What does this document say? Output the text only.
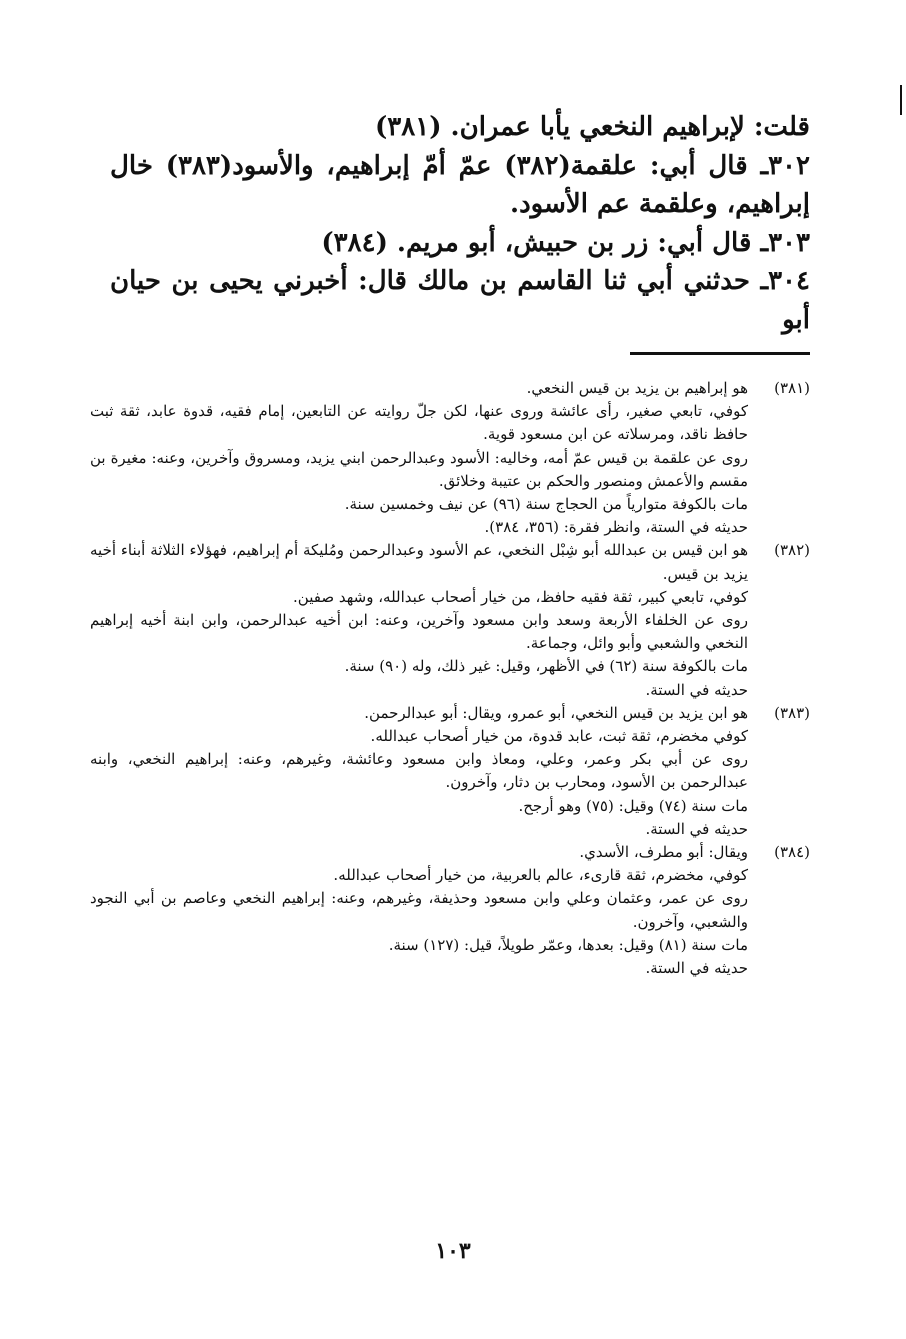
قلت: لإبراهيم النخعي يأبا عمران. (٣٨١)

٣٠٢ـ قال أبي: علقمة(٣٨٢) عمّ أمّ إبراهيم، والأسود(٣٨٣) خال إبراهيم، وعلقمة عم الأسود.

٣٠٣ـ قال أبي: زر بن حبيش، أبو مريم. (٣٨٤)

٣٠٤ـ حدثني أبي ثنا القاسم بن مالك قال: أخبرني يحيى بن حيان أبو

(٣٨١)

هو إبراهيم بن يزيد بن قيس النخعي.

كوفي، تابعي صغير، رأى عائشة وروى عنها، لكن جلّ روايته عن التابعين، إمام فقيه، قدوة عابد، ثقة ثبت حافظ ناقد، ومرسلاته عن ابن مسعود قوية.

روى عن علقمة بن قيس عمّ أمه، وخاليه: الأسود وعبدالرحمن ابني يزيد، ومسروق وآخرين، وعنه: مغيرة بن مقسم والأعمش ومنصور والحكم بن عتيبة وخلائق.

مات بالكوفة متوارياً من الحجاج سنة (٩٦) عن نيف وخمسين سنة.

حديثه في الستة، وانظر فقرة: (٣٥٦، ٣٨٤).

(٣٨٢)

هو ابن قيس بن عبدالله أبو شِبْل النخعي، عم الأسود وعبدالرحمن ومُليكة أم إبراهيم، فهؤلاء الثلاثة أبناء أخيه يزيد بن قيس.

كوفي، تابعي كبير، ثقة فقيه حافظ، من خيار أصحاب عبدالله، وشهد صفين.

روى عن الخلفاء الأربعة وسعد وابن مسعود وآخرين، وعنه: ابن أخيه عبدالرحمن، وابن ابنة أخيه إبراهيم النخعي والشعبي وأبو وائل، وجماعة.

مات بالكوفة سنة (٦٢) في الأظهر، وقيل: غير ذلك، وله (٩٠) سنة.

حديثه في الستة.

(٣٨٣)

هو ابن يزيد بن قيس النخعي، أبو عمرو، ويقال: أبو عبدالرحمن.

كوفي مخضرم، ثقة ثبت، عابد قدوة، من خيار أصحاب عبدالله.

روى عن أبي بكر وعمر، وعلي، ومعاذ وابن مسعود وعائشة، وغيرهم، وعنه: إبراهيم النخعي، وابنه عبدالرحمن بن الأسود، ومحارب بن دثار، وآخرون.

مات سنة (٧٤) وقيل: (٧٥) وهو أرجح.

حديثه في الستة.

(٣٨٤)

ويقال: أبو مطرف، الأسدي.

كوفي، مخضرم، ثقة قارىء، عالم بالعربية، من خيار أصحاب عبدالله.

روى عن عمر، وعثمان وعلي وابن مسعود وحذيفة، وغيرهم، وعنه: إبراهيم النخعي وعاصم بن أبي النجود والشعبي، وآخرون.

مات سنة (٨١) وقيل: بعدها، وعمّر طويلاً، قيل: (١٢٧) سنة.

حديثه في الستة.

١٠٣
